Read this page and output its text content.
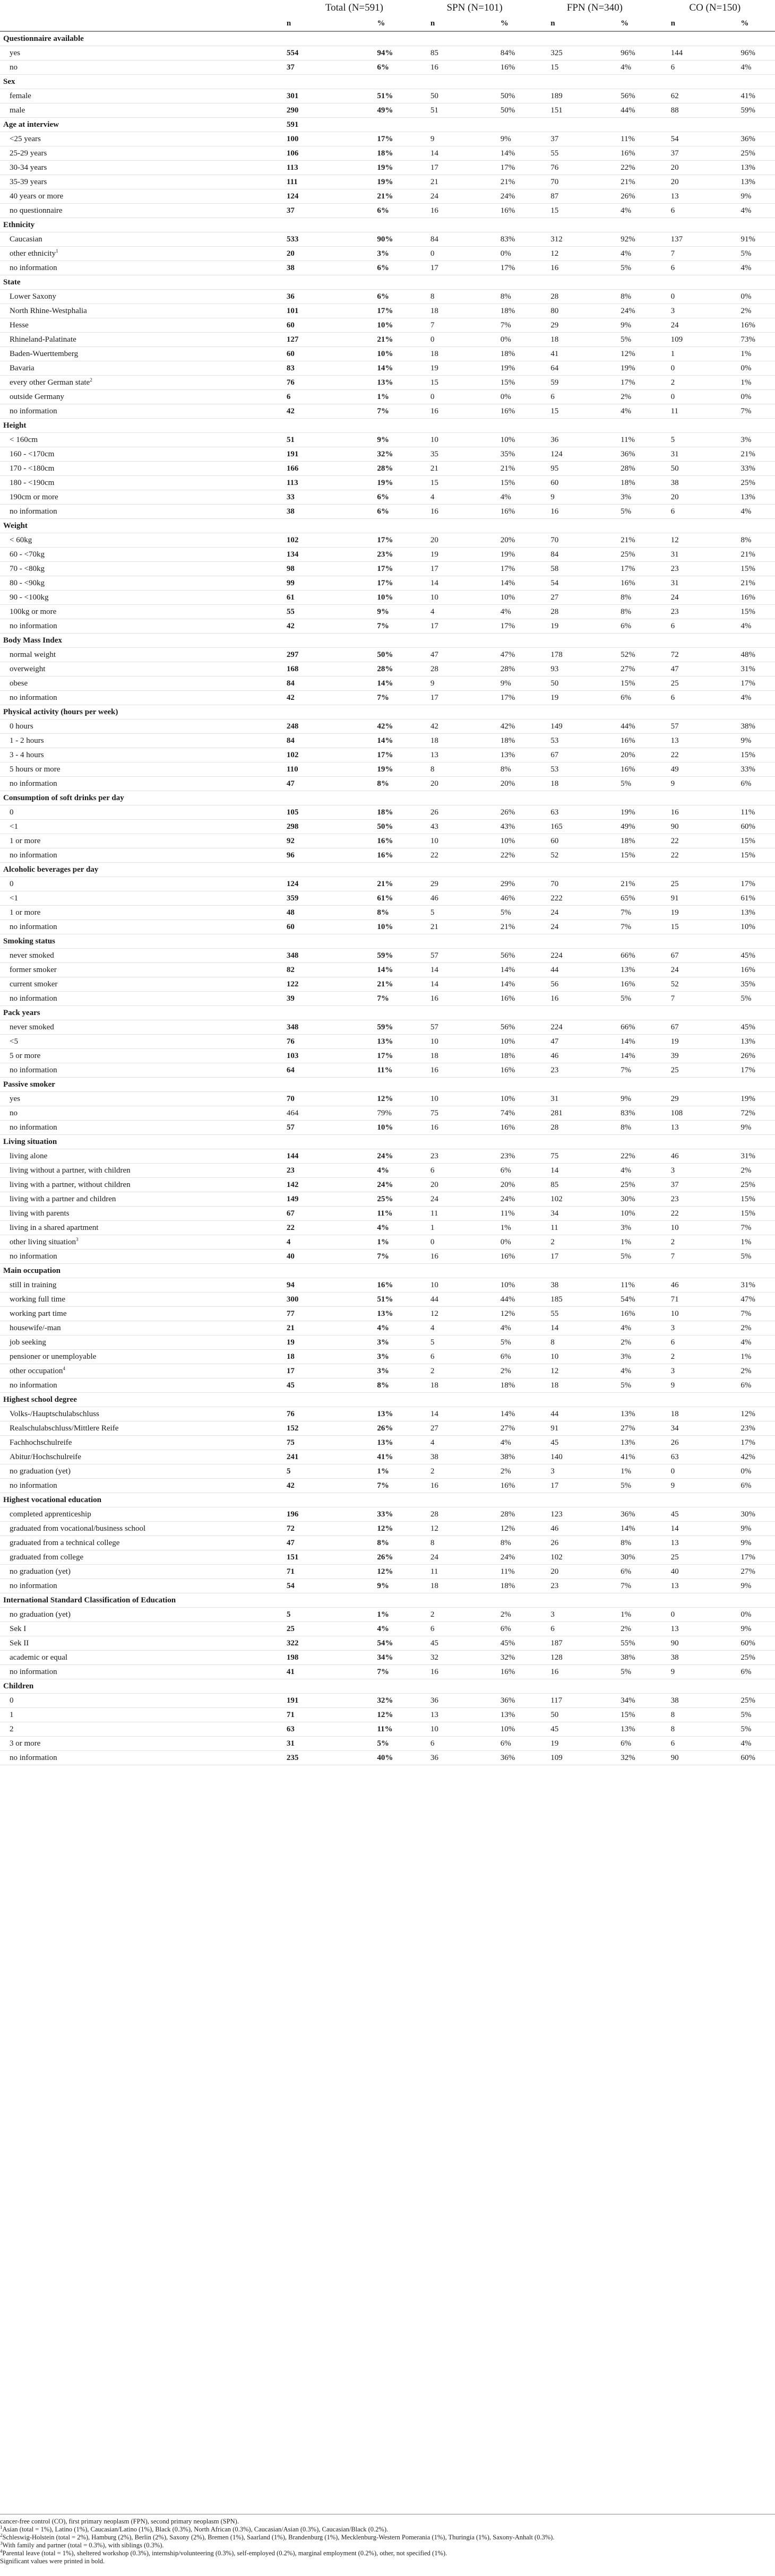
	Total (N=591)		SPN (N=101)		FPN (N=340)		CO (N=150)	
	n	%	n	%	n	%	n	%
Questionnaire available								
yes	554	94%	85	84%	325	96%	144	96%
no	37	6%	16	16%	15	4%	6	4%
Sex								
female	301	51%	50	50%	189	56%	62	41%
male	290	49%	51	50%	151	44%	88	59%
Age at interview	591							
<25 years	100	17%	9	9%	37	11%	54	36%
25-29 years	106	18%	14	14%	55	16%	37	25%
30-34 years	113	19%	17	17%	76	22%	20	13%
35-39 years	111	19%	21	21%	70	21%	20	13%
40 years or more	124	21%	24	24%	87	26%	13	9%
no questionnaire	37	6%	16	16%	15	4%	6	4%
Ethnicity								
Caucasian	533	90%	84	83%	312	92%	137	91%
other ethnicity$^1$	20	3%	0	0%	12	4%	7	5%
no information	38	6%	17	17%	16	5%	6	4%
State								
Lower Saxony	36	6%	8	8%	28	8%	0	0%
North Rhine-Westphalia	101	17%	18	18%	80	24%	3	2%
Hesse	60	10%	7	7%	29	9%	24	16%
Rhineland-Palatinate	127	21%	0	0%	18	5%	109	73%
Baden-Wuerttemberg	60	10%	18	18%	41	12%	1	1%
Bavaria	83	14%	19	19%	64	19%	0	0%
every other German state$^2$	76	13%	15	15%	59	17%	2	1%
outside Germany	6	1%	0	0%	6	2%	0	0%
no information	42	7%	16	16%	15	4%	11	7%
Height								
< 160cm	51	9%	10	10%	36	11%	5	3%
160 - <170cm	191	32%	35	35%	124	36%	31	21%
170 - <180cm	166	28%	21	21%	95	28%	50	33%
180 - <190cm	113	19%	15	15%	60	18%	38	25%
190cm or more	33	6%	4	4%	9	3%	20	13%
no information	38	6%	16	16%	16	5%	6	4%
Weight								
< 60kg	102	17%	20	20%	70	21%	12	8%
60 - <70kg	134	23%	19	19%	84	25%	31	21%
70 - <80kg	98	17%	17	17%	58	17%	23	15%
80 - <90kg	99	17%	14	14%	54	16%	31	21%
90 - <100kg	61	10%	10	10%	27	8%	24	16%
100kg or more	55	9%	4	4%	28	8%	23	15%
no information	42	7%	17	17%	19	6%	6	4%
Body Mass Index								
normal weight	297	50%	47	47%	178	52%	72	48%
overweight	168	28%	28	28%	93	27%	47	31%
obese	84	14%	9	9%	50	15%	25	17%
no information	42	7%	17	17%	19	6%	6	4%
Physical activity (hours per week)								
0 hours	248	42%	42	42%	149	44%	57	38%
1 - 2 hours	84	14%	18	18%	53	16%	13	9%
3 - 4 hours	102	17%	13	13%	67	20%	22	15%
5 hours or more	110	19%	8	8%	53	16%	49	33%
no information	47	8%	20	20%	18	5%	9	6%
Consumption of soft drinks per day								
0	105	18%	26	26%	63	19%	16	11%
<1	298	50%	43	43%	165	49%	90	60%
1 or more	92	16%	10	10%	60	18%	22	15%
no information	96	16%	22	22%	52	15%	22	15%
Alcoholic beverages per day								
0	124	21%	29	29%	70	21%	25	17%
<1	359	61%	46	46%	222	65%	91	61%
1 or more	48	8%	5	5%	24	7%	19	13%
no information	60	10%	21	21%	24	7%	15	10%
Smoking status								
never smoked	348	59%	57	56%	224	66%	67	45%
former smoker	82	14%	14	14%	44	13%	24	16%
current smoker	122	21%	14	14%	56	16%	52	35%
no information	39	7%	16	16%	16	5%	7	5%
Pack years								
never smoked	348	59%	57	56%	224	66%	67	45%
<5	76	13%	10	10%	47	14%	19	13%
5 or more	103	17%	18	18%	46	14%	39	26%
no information	64	11%	16	16%	23	7%	25	17%
Passive smoker								
yes	70	12%	10	10%	31	9%	29	19%
no	464	79%	75	74%	281	83%	108	72%
no information	57	10%	16	16%	28	8%	13	9%
Living situation								
living alone	144	24%	23	23%	75	22%	46	31%
living without a partner, with children	23	4%	6	6%	14	4%	3	2%
living with a partner, without children	142	24%	20	20%	85	25%	37	25%
living with a partner and children	149	25%	24	24%	102	30%	23	15%
living with parents	67	11%	11	11%	34	10%	22	15%
living in a shared apartment	22	4%	1	1%	11	3%	10	7%
other living situation$^3$	4	1%	0	0%	2	1%	2	1%
no information	40	7%	16	16%	17	5%	7	5%
Main occupation								
still in training	94	16%	10	10%	38	11%	46	31%
working full time	300	51%	44	44%	185	54%	71	47%
working part time	77	13%	12	12%	55	16%	10	7%
housewife/-man	21	4%	4	4%	14	4%	3	2%
job seeking	19	3%	5	5%	8	2%	6	4%
pensioner or unemployable	18	3%	6	6%	10	3%	2	1%
other occupation$^4$	17	3%	2	2%	12	4%	3	2%
no information	45	8%	18	18%	18	5%	9	6%
Highest school degree								
Volks-/Hauptschulabschluss	76	13%	14	14%	44	13%	18	12%
Realschulabschluss/Mittlere Reife	152	26%	27	27%	91	27%	34	23%
Fachhochschulreife	75	13%	4	4%	45	13%	26	17%
Abitur/Hochschulreife	241	41%	38	38%	140	41%	63	42%
no graduation (yet)	5	1%	2	2%	3	1%	0	0%
no information	42	7%	16	16%	17	5%	9	6%
Highest vocational education								
completed apprenticeship	196	33%	28	28%	123	36%	45	30%
graduated from vocational/business school	72	12%	12	12%	46	14%	14	9%
graduated from a technical college	47	8%	8	8%	26	8%	13	9%
graduated from college	151	26%	24	24%	102	30%	25	17%
no graduation (yet)	71	12%	11	11%	20	6%	40	27%
no information	54	9%	18	18%	23	7%	13	9%
International Standard Classification of Education								
no graduation (yet)	5	1%	2	2%	3	1%	0	0%
Sek I	25	4%	6	6%	6	2%	13	9%
Sek II	322	54%	45	45%	187	55%	90	60%
academic or equal	198	34%	32	32%	128	38%	38	25%
no information	41	7%	16	16%	16	5%	9	6%
Children								
0	191	32%	36	36%	117	34%	38	25%
1	71	12%	13	13%	50	15%	8	5%
2	63	11%	10	10%	45	13%	8	5%
3 or more	31	5%	6	6%	19	6%	6	4%
no information	235	40%	36	36%	109	32%	90	60%
cancer-free control (CO), first primary neoplasm (FPN), second primary neoplasm (SPN).
$^1$Asian (total = 1%), Latino (1%), Caucasian/Latino (1%), Black (0.3%), North African (0.3%), Caucasian/Asian (0.3%), Caucasian/Black (0.2%).
$^2$Schleswig-Holstein (total = 2%), Hamburg (2%), Berlin (2%), Saxony (2%), Bremen (1%), Saarland (1%), Brandenburg (1%), Mecklenburg-Western Pomerania (1%), Thuringia (1%), Saxony-Anhalt (0.3%).
$^3$With family and partner (total = 0.3%), with siblings (0.3%).
$^4$Parental leave (total = 1%), sheltered workshop (0.3%), internship/volunteering (0.3%), self-employed (0.2%), marginal employment (0.2%), other, not specified (1%).
Significant values were printed in bold.
